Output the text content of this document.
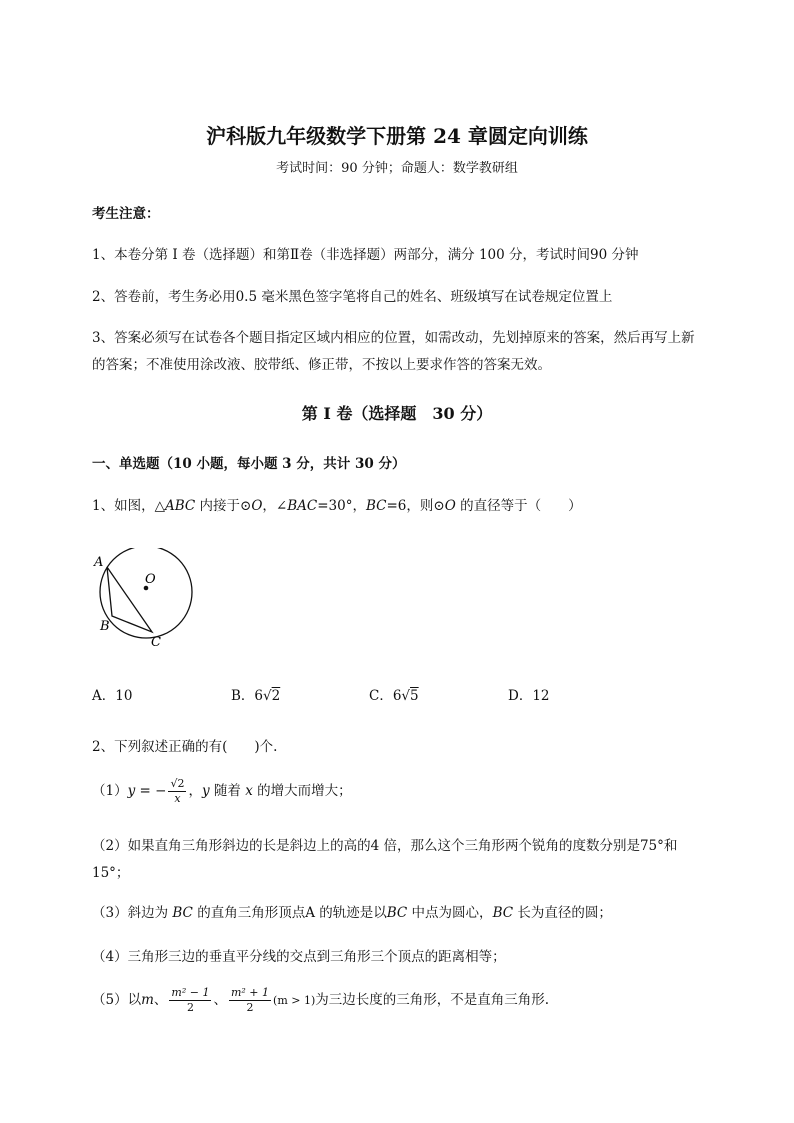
沪科版九年级数学下册第 24 章圆定向训练
考试时间：90 分钟；命题人：数学教研组
考生注意：
1、本卷分第 I 卷（选择题）和第Ⅱ卷（非选择题）两部分，满分 100 分，考试时间90 分钟
2、答卷前，考生务必用0.5 毫米黑色签字笔将自己的姓名、班级填写在试卷规定位置上
3、答案必须写在试卷各个题目指定区域内相应的位置，如需改动，先划掉原来的答案，然后再写上新
的答案；不准使用涂改液、胶带纸、修正带，不按以上要求作答的答案无效。
第 I 卷（选择题　30 分）
一、单选题（10 小题，每小题 3 分，共计 30 分）
1、如图，△ABC 内接于⊙O，∠BAC=30°，BC=6，则⊙O 的直径等于（　　）
A
O
B
C
A．10	B．6√2	C．6√5	D．12
2、下列叙述正确的有(　　)个.
（1）y = − $\frac{√2}{x}$ ，y 随着 x 的增大而增大；
（2）如果直角三角形斜边的长是斜边上的高的4 倍，那么这个三角形两个锐角的度数分别是75°和
15°；
（3）斜边为 BC 的直角三角形顶点A 的轨迹是以BC 中点为圆心，BC 长为直径的圆；
（4）三角形三边的垂直平分线的交点到三角形三个顶点的距离相等；
（5）以m、 $\frac{\text{m² − 1}}{2}$ 、 $\frac{\text{m² + 1}}{2} (m > 1)$为三边长度的三角形，不是直角三角形.
